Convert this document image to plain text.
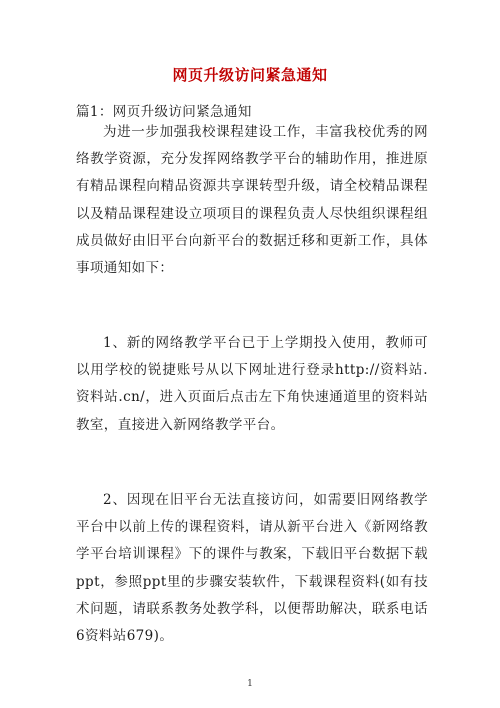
网页升级访问紧急通知
篇1：网页升级访问紧急通知
为进一步加强我校课程建设工作，丰富我校优秀的网络教学资源，充分发挥网络教学平台的辅助作用，推进原有精品课程向精品资源共享课转型升级，请全校精品课程以及精品课程建设立项项目的课程负责人尽快组织课程组成员做好由旧平台向新平台的数据迁移和更新工作，具体事项通知如下：
1、新的网络教学平台已于上学期投入使用，教师可以用学校的锐捷账号从以下网址进行登录http://资料站.资料站.cn/，进入页面后点击左下角快速通道里的资料站教室，直接进入新网络教学平台。
2、因现在旧平台无法直接访问，如需要旧网络教学平台中以前上传的课程资料，请从新平台进入《新网络教学平台培训课程》下的课件与教案，下载旧平台数据下载ppt，参照ppt里的步骤安装软件，下载课程资料(如有技术问题，请联系教务处教学科，以便帮助解决，联系电话6资料站679)。
1
